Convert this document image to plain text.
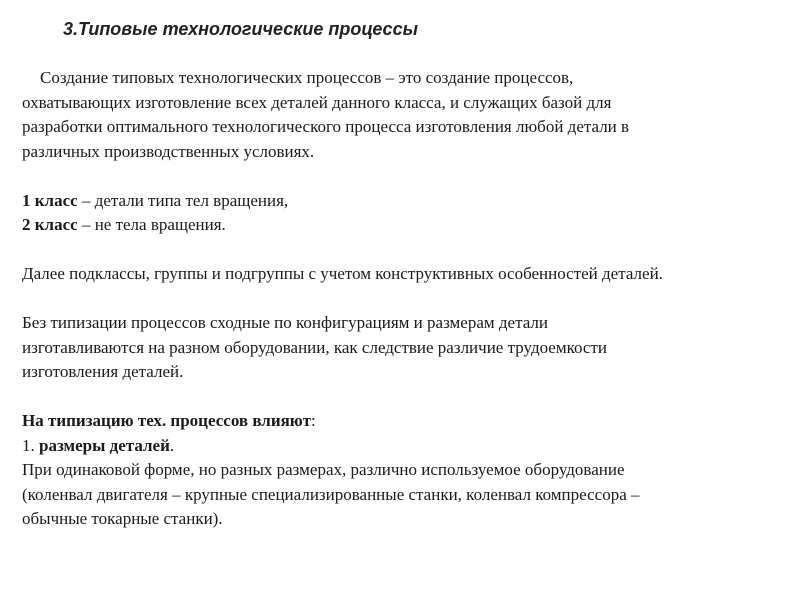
3.Типовые технологические процессы
Создание типовых технологических процессов – это создание процессов,
охватывающих изготовление всех деталей данного класса, и служащих базой для
разработки оптимального технологического процесса изготовления любой детали в
различных производственных условиях.
1 класс – детали типа тел вращения,
2 класс – не тела вращения.
Далее подклассы, группы и подгруппы с учетом конструктивных особенностей деталей.
Без типизации процессов сходные по конфигурациям и размерам детали
изготавливаются на разном оборудовании, как следствие различие трудоемкости
изготовления деталей.
На типизацию тех. процессов влияют:
1. размеры деталей.
При одинаковой форме, но разных размерах, различно используемое оборудование
(коленвал двигателя – крупные специализированные станки, коленвал компрессора –
обычные токарные станки).
